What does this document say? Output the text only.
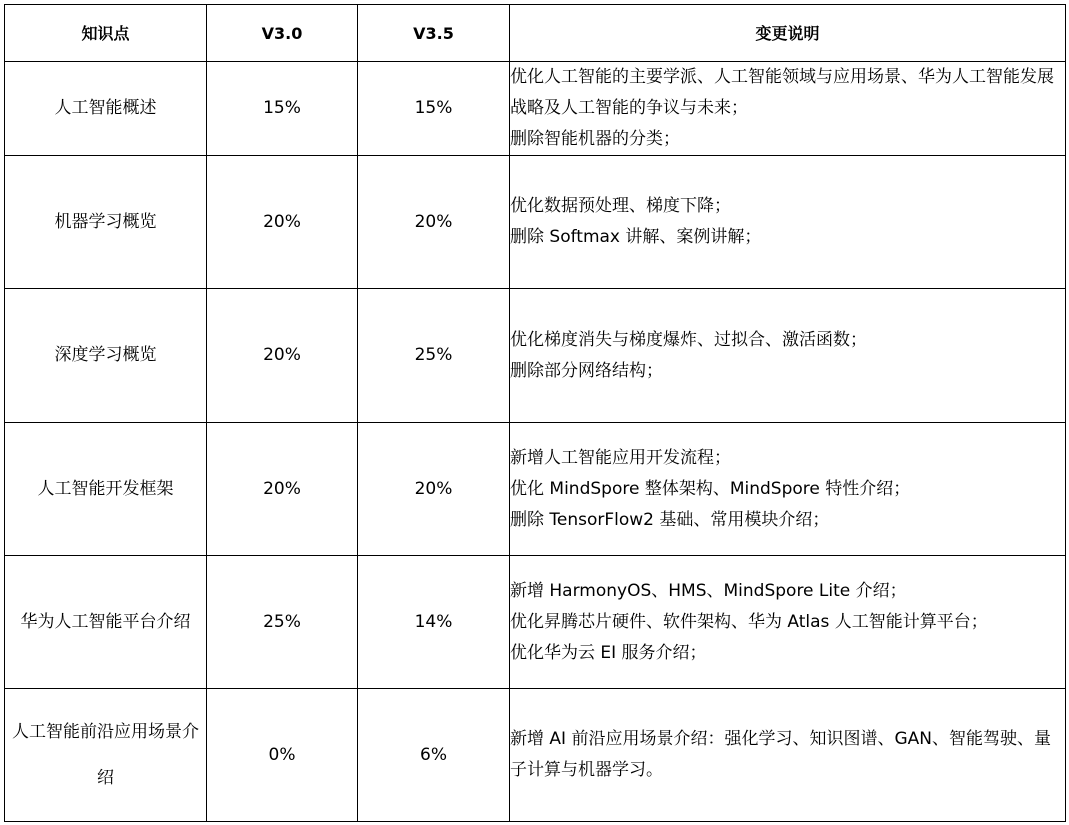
知识点	V3.0	V3.5	变更说明
人工智能概述	15%	15%	优化人工智能的主要学派、人工智能领域与应用场景、华为人工智能发展战略及人工智能的争议与未来；
删除智能机器的分类；

机器学习概览	20%	20%	优化数据预处理、梯度下降；
删除 Softmax 讲解、案例讲解；

深度学习概览	20%	25%	优化梯度消失与梯度爆炸、过拟合、激活函数；
删除部分网络结构；

人工智能开发框架	20%	20%	新增人工智能应用开发流程；
优化 MindSpore 整体架构、MindSpore 特性介绍；
删除 TensorFlow2 基础、常用模块介绍；

华为人工智能平台介绍	25%	14%	新增 HarmonyOS、HMS、MindSpore Lite 介绍；
优化昇腾芯片硬件、软件架构、华为 Atlas 人工智能计算平台；
优化华为云 EI 服务介绍；

人工智能前沿应用场景介绍	0%	6%	新增 AI 前沿应用场景介绍：强化学习、知识图谱、GAN、智能驾驶、量子计算与机器学习。
